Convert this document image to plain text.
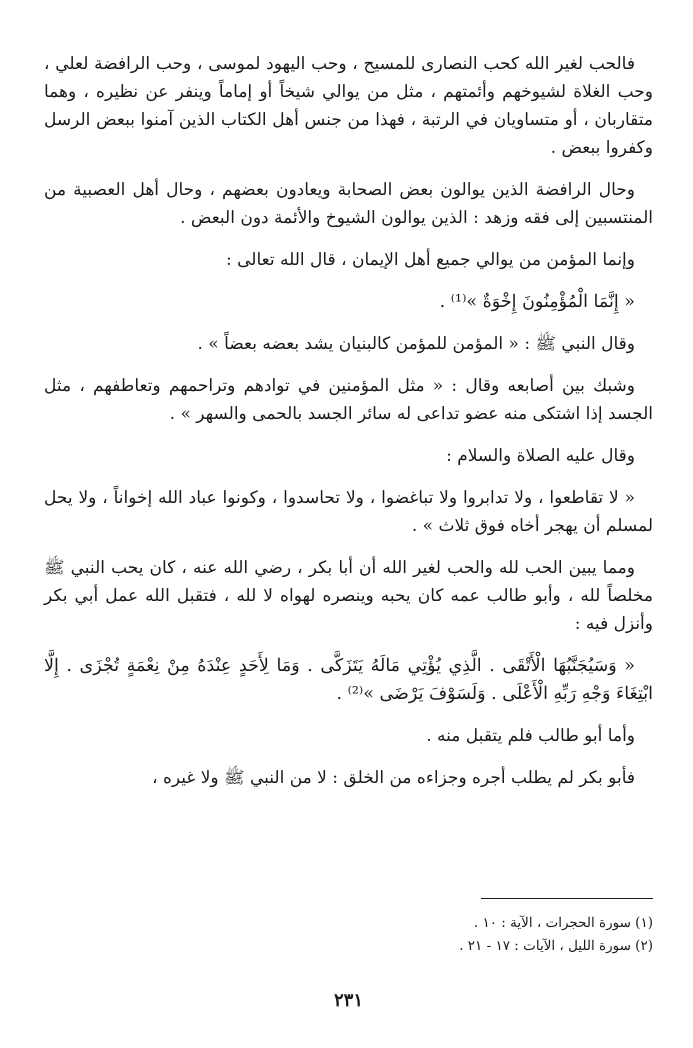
فالحب لغير الله كحب النصارى للمسيح ، وحب اليهود لموسى ، وحب الرافضة لعلي ، وحب الغلاة لشيوخهم وأئمتهم ، مثل من يوالي شيخاً أو إماماً وينفر عن نظيره ، وهما متقاربان ، أو متساويان في الرتبة ، فهذا من جنس أهل الكتاب الذين آمنوا ببعض الرسل وكفروا ببعض .

وحال الرافضة الذين يوالون بعض الصحابة ويعادون بعضهم ، وحال أهل العصبية من المنتسبين إلى فقه وزهد : الذين يوالون الشيوخ والأئمة دون البعض .

وإنما المؤمن من يوالي جميع أهل الإيمان ، قال الله تعالى :

« إِنَّمَا الْمُؤْمِنُونَ إِخْوَةٌ »⁽¹⁾ .

وقال النبي ﷺ : « المؤمن للمؤمن كالبنيان يشد بعضه بعضاً » .

وشبك بين أصابعه وقال : « مثل المؤمنين في توادهم وتراحمهم وتعاطفهم ، مثل الجسد إذا اشتكى منه عضو تداعى له سائر الجسد بالحمى والسهر » .

وقال عليه الصلاة والسلام :

« لا تقاطعوا ، ولا تدابروا ولا تباغضوا ، ولا تحاسدوا ، وكونوا عباد الله إخواناً ، ولا يحل لمسلم أن يهجر أخاه فوق ثلاث » .

ومما يبين الحب لله والحب لغير الله أن أبا بكر ، رضي الله عنه ، كان يحب النبي ﷺ مخلصاً لله ، وأبو طالب عمه كان يحبه وينصره لهواه لا لله ، فتقبل الله عمل أبي بكر وأنزل فيه :

« وَسَيُجَنَّبُهَا الْأَتْقَى . الَّذِي يُؤْتِي مَالَهُ يَتَزَكَّى . وَمَا لِأَحَدٍ عِنْدَهُ مِنْ نِعْمَةٍ تُجْزَى . إِلَّا ابْتِغَاءَ وَجْهِ رَبِّهِ الْأَعْلَى . وَلَسَوْفَ يَرْضَى »⁽²⁾ .

وأما أبو طالب فلم يتقبل منه .

فأبو بكر لم يطلب أجره وجزاءه من الخلق : لا من النبي ﷺ ولا غيره ،

(١) سورة الحجرات ، الآية : ١٠ .
(٢) سورة الليل ، الآيات : ١٧ - ٢١ .
٢٣١
